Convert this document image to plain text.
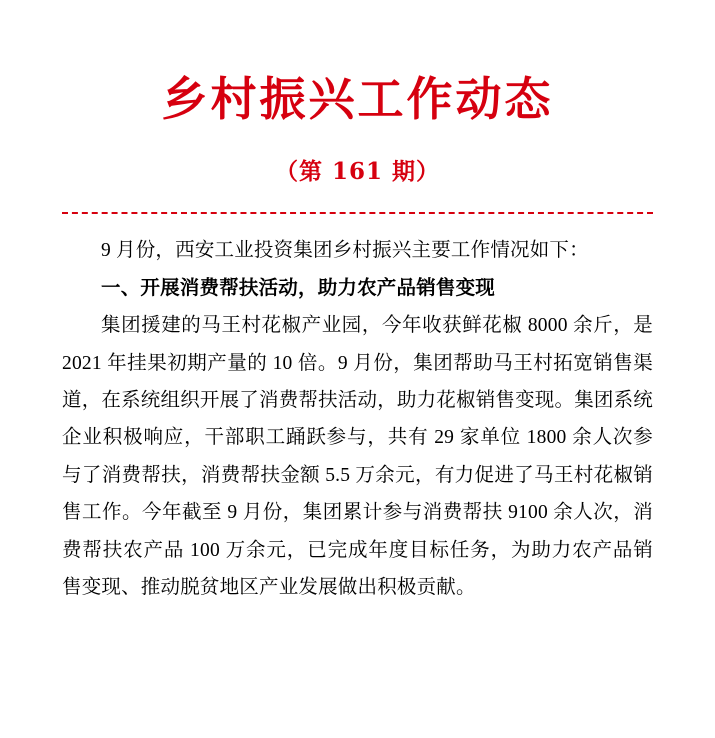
乡村振兴工作动态

（第 161 期）

9 月份，西安工业投资集团乡村振兴主要工作情况如下：

一、开展消费帮扶活动，助力农产品销售变现

集团援建的马王村花椒产业园，今年收获鲜花椒 8000 余斤，是 2021 年挂果初期产量的 10 倍。9 月份，集团帮助马王村拓宽销售渠道，在系统组织开展了消费帮扶活动，助力花椒销售变现。集团系统企业积极响应，干部职工踊跃参与，共有 29 家单位 1800 余人次参与了消费帮扶，消费帮扶金额 5.5 万余元，有力促进了马王村花椒销售工作。今年截至 9 月份，集团累计参与消费帮扶 9100 余人次，消费帮扶农产品 100 万余元，已完成年度目标任务，为助力农产品销售变现、推动脱贫地区产业发展做出积极贡献。
